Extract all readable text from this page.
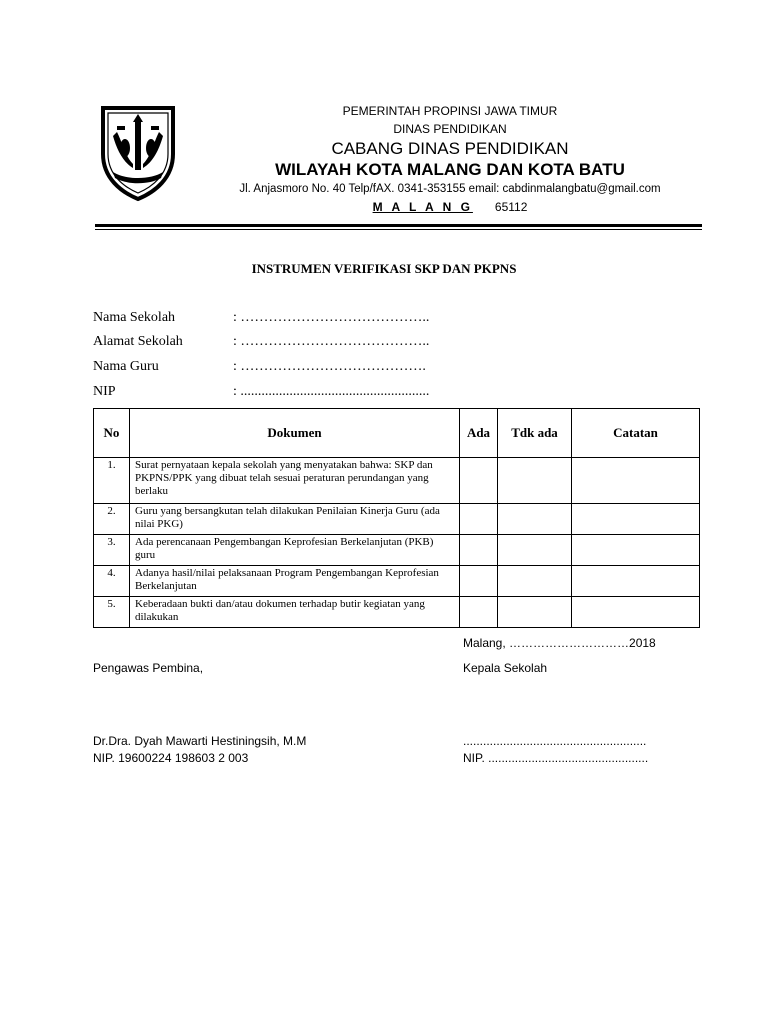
PEMERINTAH PROPINSI JAWA TIMUR
DINAS PENDIDIKAN
CABANG DINAS PENDIDIKAN
WILAYAH KOTA MALANG DAN KOTA BATU
Jl. Anjasmoro No. 40 Telp/fAX. 0341-353155 email: cabdinmalangbatu@gmail.com
M A L A N G 65112
INSTRUMEN VERIFIKASI SKP DAN PKPNS
Nama Sekolah	: …………………………………..
Alamat Sekolah	: …………………………………..
Nama Guru	: ………………………………….
NIP	: ......................................................
No	Dokumen	Ada	Tdk ada	Catatan
1.	Surat pernyataan kepala sekolah yang menyatakan bahwa: SKP dan PKPNS/PPK yang dibuat telah sesuai peraturan perundangan yang berlaku			
2.	Guru yang bersangkutan telah dilakukan Penilaian Kinerja Guru (ada nilai PKG)			
3.	Ada perencanaan Pengembangan Keprofesian Berkelanjutan (PKB) guru			
4.	Adanya hasil/nilai pelaksanaan Program Pengembangan Keprofesian Berkelanjutan			
5.	Keberadaan bukti dan/atau dokumen terhadap butir kegiatan yang dilakukan			
Malang, …………………………2018
Pengawas Pembina,	Kepala Sekolah
Dr.Dra. Dyah Mawarti Hestiningsih, M.M
NIP. 19600224 198603 2 003
.......................................................
NIP. ................................................
